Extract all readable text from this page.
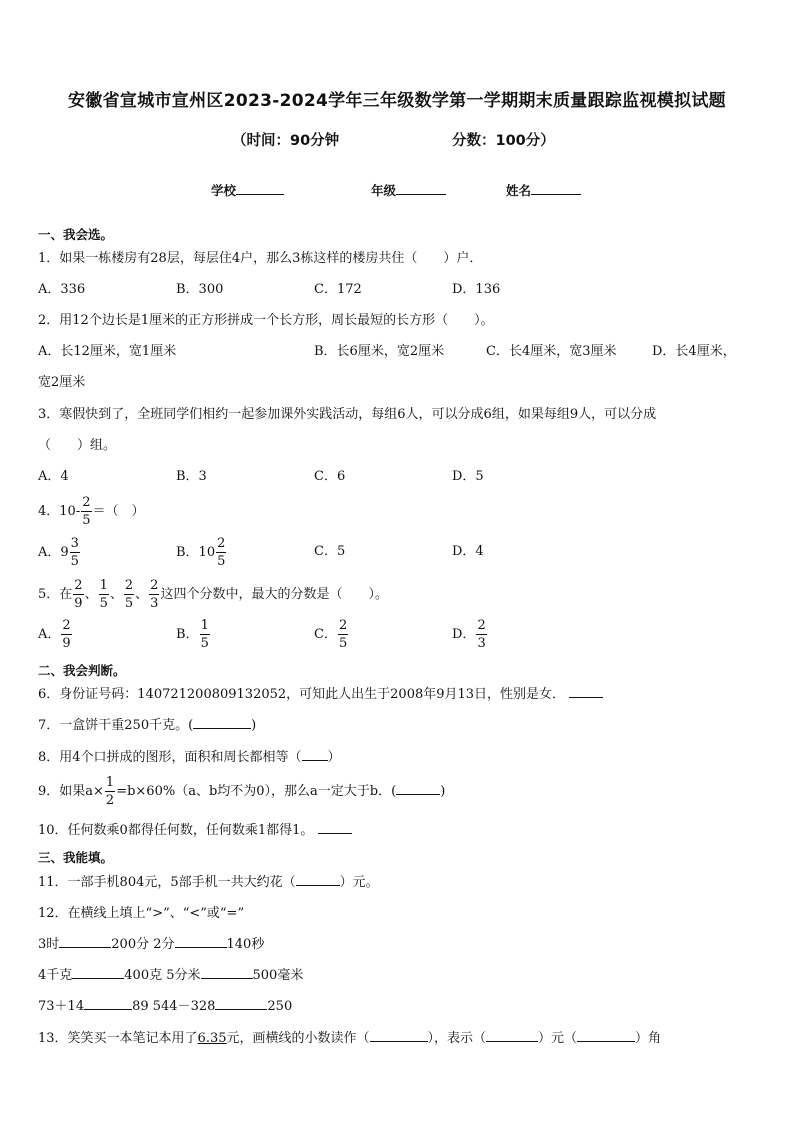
安徽省宣城市宣州区2023-2024学年三年级数学第一学期期末质量跟踪监视模拟试题
（时间：90分钟	分数：100分）
学校	年级	姓名
一、我会选。
1．如果一栋楼房有28层，每层住4户，那么3栋这样的楼房共住（　　）户．
A．336	B．300	C．172	D．136
2．用12个边长是1厘米的正方形拼成一个长方形，周长最短的长方形（　　）。
A．长12厘米，宽1厘米	B．长6厘米，宽2厘米	C．长4厘米，宽3厘米	D．长4厘米，
宽2厘米
3．寒假快到了，全班同学们相约一起参加课外实践活动，每组6人，可以分成6组，如果每组9人，可以分成
（　　）组。
A．4	B．3	C．6	D．5
4．$10- \frac{2}{5}$ ＝（　）
A．$9 \frac{3}{5}$	B．$10 \frac{2}{5}$	C．5	D．4
5．在 $\frac{2}{9}$ 、 $\frac{1}{5}$ 、 $\frac{2}{5}$ 、 $\frac{2}{3}$ 这四个分数中，最大的分数是（　　）。
A． $\frac{2}{9}$	B． $\frac{1}{5}$	C． $\frac{2}{5}$	D． $\frac{2}{3}$
二、我会判断。
6．身份证号码：140721200809132052，可知此人出生于2008年9月13日，性别是女．
7．一盒饼干重250千克。(	)
8．用4个口拼成的图形，面积和周长都相等（ ）
9．如果$a\times \frac{1}{2} =b\times 60\%(a$、b均不为0），那么a一定大于b．(	)
10．任何数乘0都得任何数，任何数乘1都得1。
三、我能填。
11．一部手机804元，5部手机一共大约花（	）元。
12．在横线上填上“>”、“<”或“=”
3时	200分 2分	140秒
4千克	400克 5分米	500毫米
73＋14	89 544－328	250
13．笑笑买一本笔记本用了6.35元，画横线的小数读作（	），表示（	）元（	）角
